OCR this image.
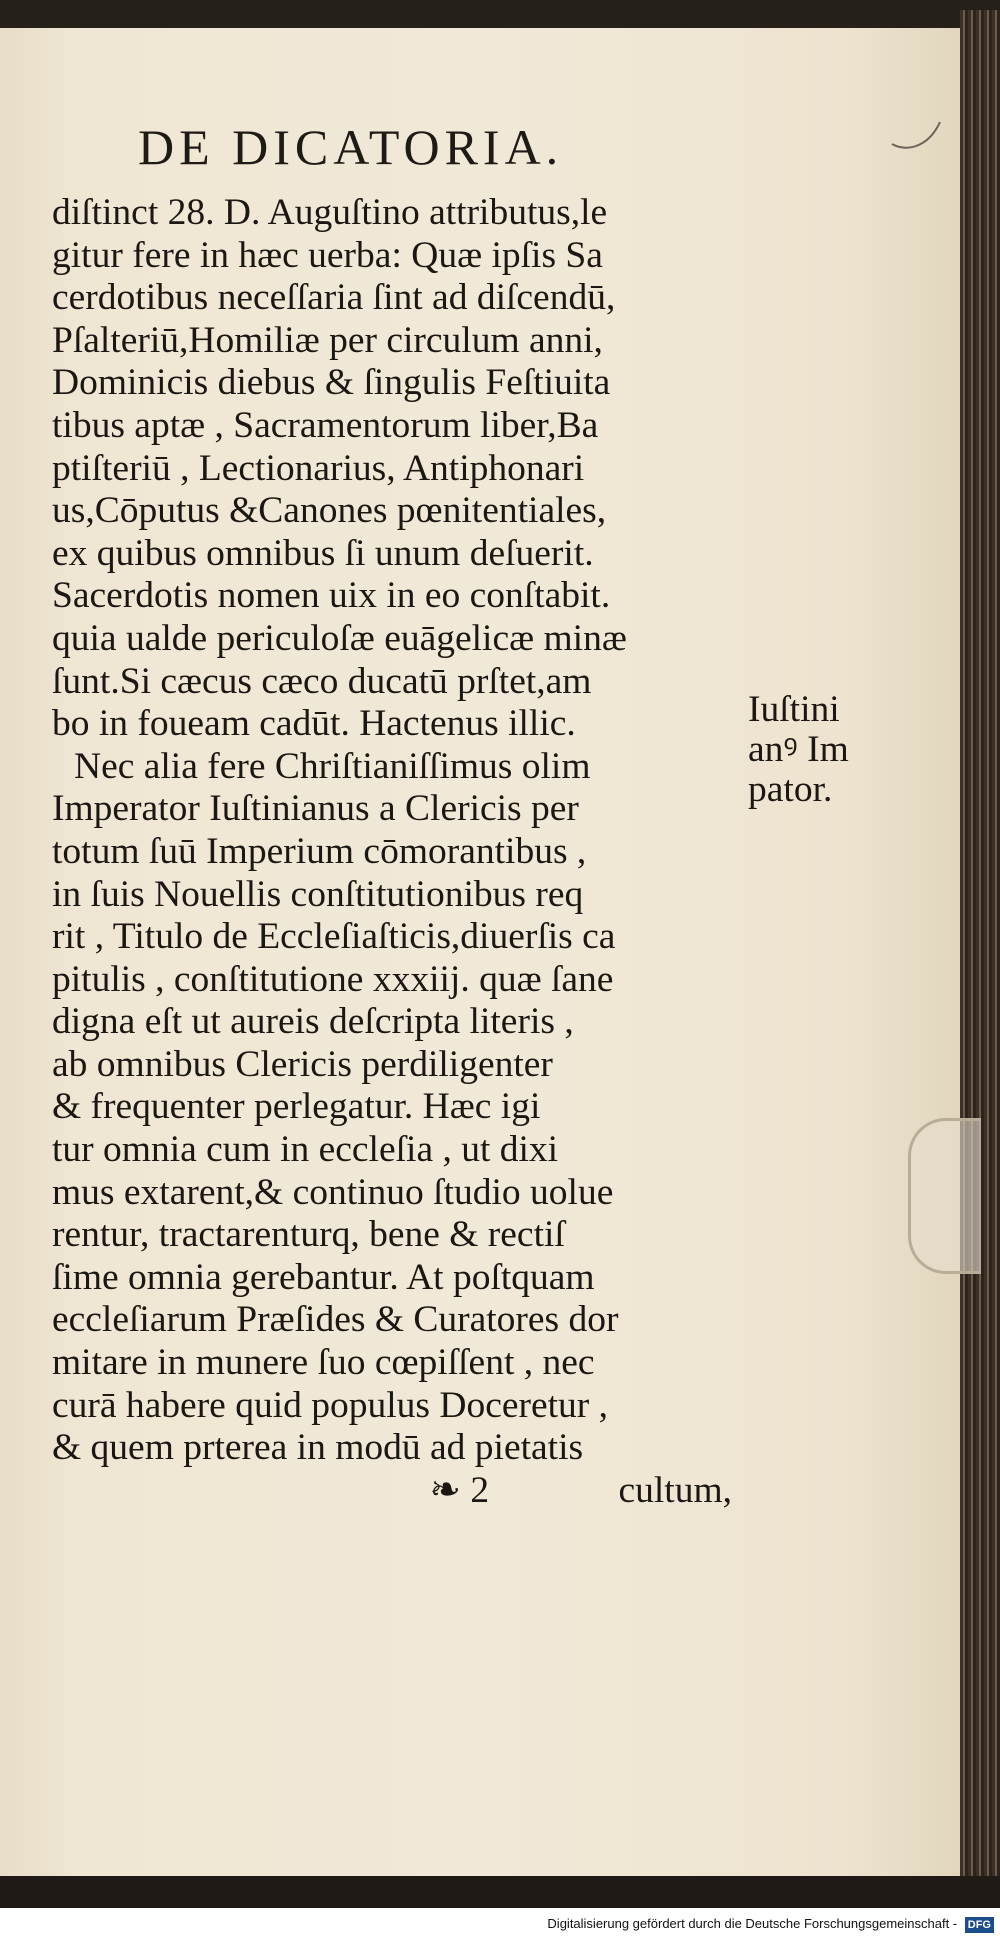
DE DICATORIA.
diſtinct 28. D. Auguſtino attributus,le
gitur fere in hæc uerba: Quæ ipſis Sa
cerdotibus neceſſaria ſint ad diſcendū,
Pſalteriū,Homiliæ per circulum anni,
Dominicis diebus & ſingulis Feſtiuita
tibus aptæ , Sacramentorum liber,Ba
ptiſteriū , Lectionarius, Antiphonari
us,Cōputus &Canones pœnitentiales,
ex quibus omnibus ſi unum deſuerit.
Sacerdotis nomen uix in eo conſtabit.
quia ualde periculoſæ euāgelicæ minæ
ſunt.Si cæcus cæco ducatū prſtet,am
bo in foueam cadūt. Hactenus illic.
Nec alia fere Chriſtianiſſimus olim
Imperator Iuſtinianus a Clericis per
totum ſuū Imperium cōmorantibus ,
in ſuis Nouellis conſtitutionibus req
rit , Titulo de Eccleſiaſticis,diuerſis ca
pitulis , conſtitutione xxxiij. quæ ſane
digna eſt ut aureis deſcripta literis ,
ab omnibus Clericis perdiligenter
& frequenter perlegatur. Hæc igi
tur omnia cum in eccleſia , ut dixi
mus extarent,& continuo ſtudio uolue
rentur, tractarenturq, bene & rectiſ
ſime omnia gerebantur. At poſtquam
eccleſiarum Præſides & Curatores dor
mitare in munere ſuo cœpiſſent , nec
curā habere quid populus Doceretur ,
& quem prterea in modū ad pietatis
❧ 2	cultum,
Iuſtini
anꝰ Im
pator.
Digitalisierung gefördert durch die Deutsche Forschungsgemeinschaft - DFG
